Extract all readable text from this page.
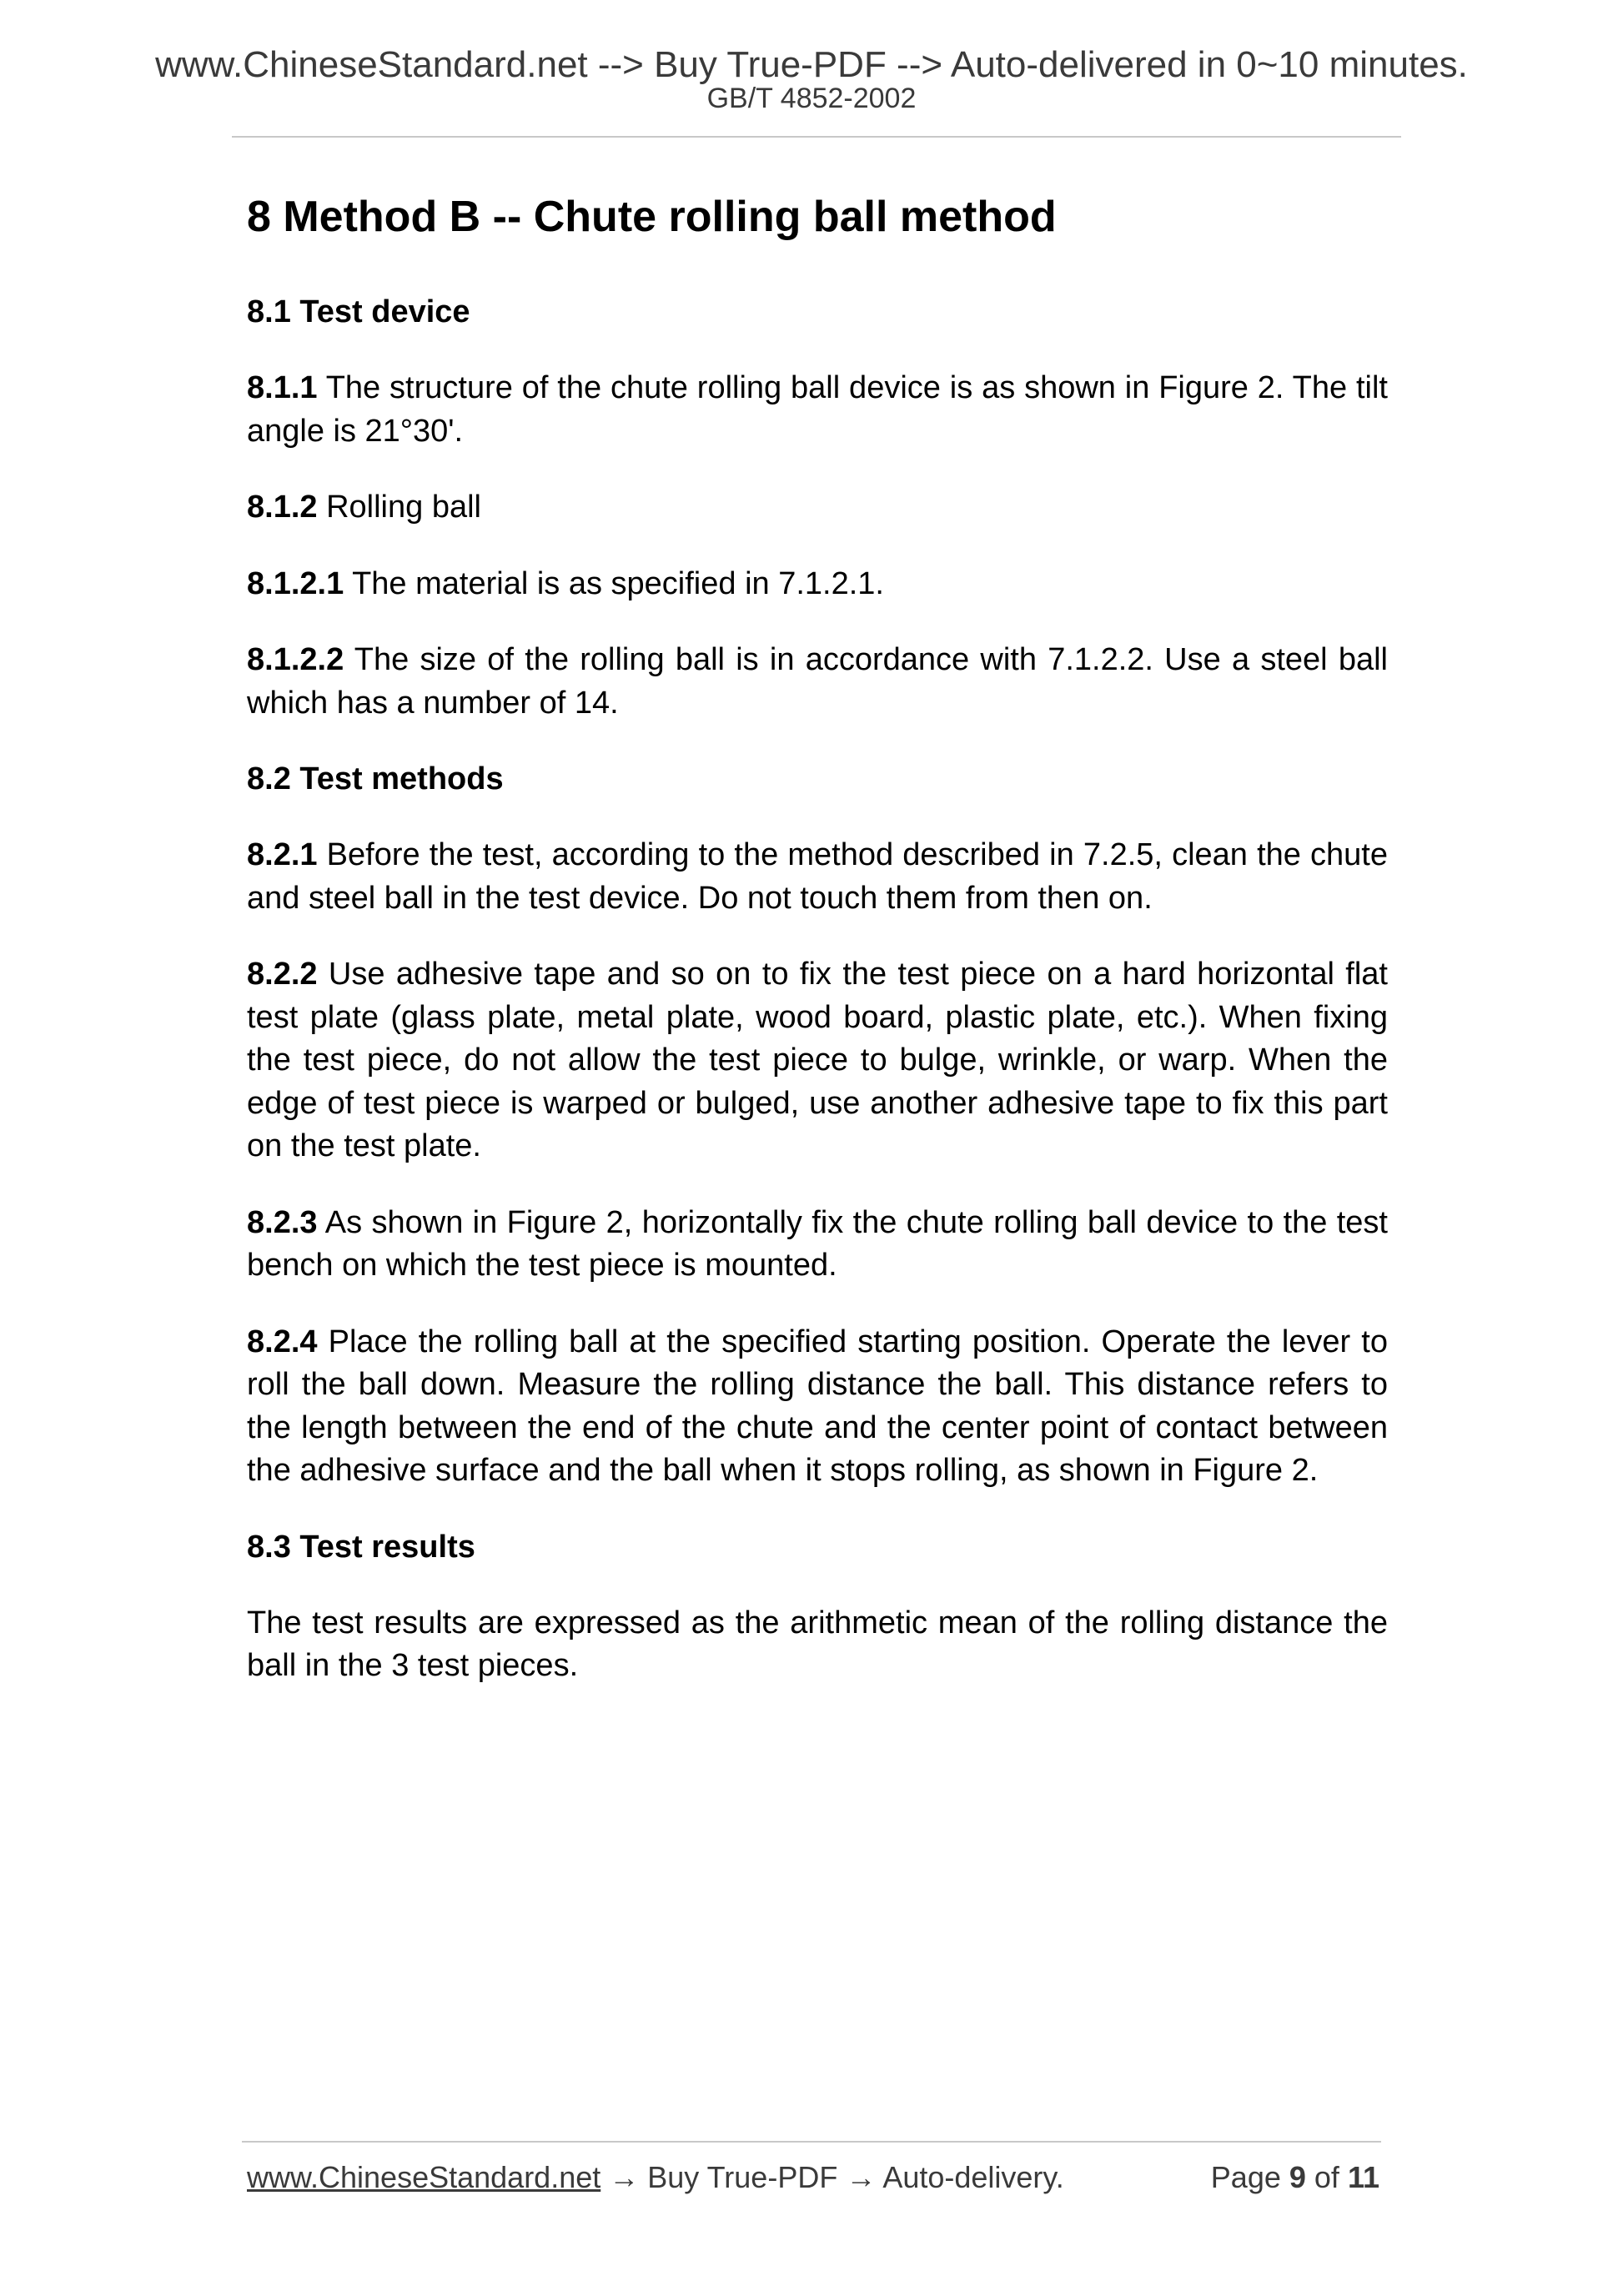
www.ChineseStandard.net --> Buy True-PDF --> Auto-delivered in 0~10 minutes.
GB/T 4852-2002
8 Method B -- Chute rolling ball method
8.1 Test device

8.1.1 The structure of the chute rolling ball device is as shown in Figure 2. The tilt angle is 21°30'.

8.1.2 Rolling ball

8.1.2.1 The material is as specified in 7.1.2.1.

8.1.2.2 The size of the rolling ball is in accordance with 7.1.2.2. Use a steel ball which has a number of 14.

8.2 Test methods

8.2.1 Before the test, according to the method described in 7.2.5, clean the chute and steel ball in the test device. Do not touch them from then on.

8.2.2 Use adhesive tape and so on to fix the test piece on a hard horizontal flat test plate (glass plate, metal plate, wood board, plastic plate, etc.). When fixing the test piece, do not allow the test piece to bulge, wrinkle, or warp. When the edge of test piece is warped or bulged, use another adhesive tape to fix this part on the test plate.

8.2.3 As shown in Figure 2, horizontally fix the chute rolling ball device to the test bench on which the test piece is mounted.

8.2.4 Place the rolling ball at the specified starting position. Operate the lever to roll the ball down. Measure the rolling distance the ball. This distance refers to the length between the end of the chute and the center point of contact between the adhesive surface and the ball when it stops rolling, as shown in Figure 2.

8.3 Test results

The test results are expressed as the arithmetic mean of the rolling distance the ball in the 3 test pieces.

www.ChineseStandard.net → Buy True-PDF → Auto-delivery.	Page 9 of 11
